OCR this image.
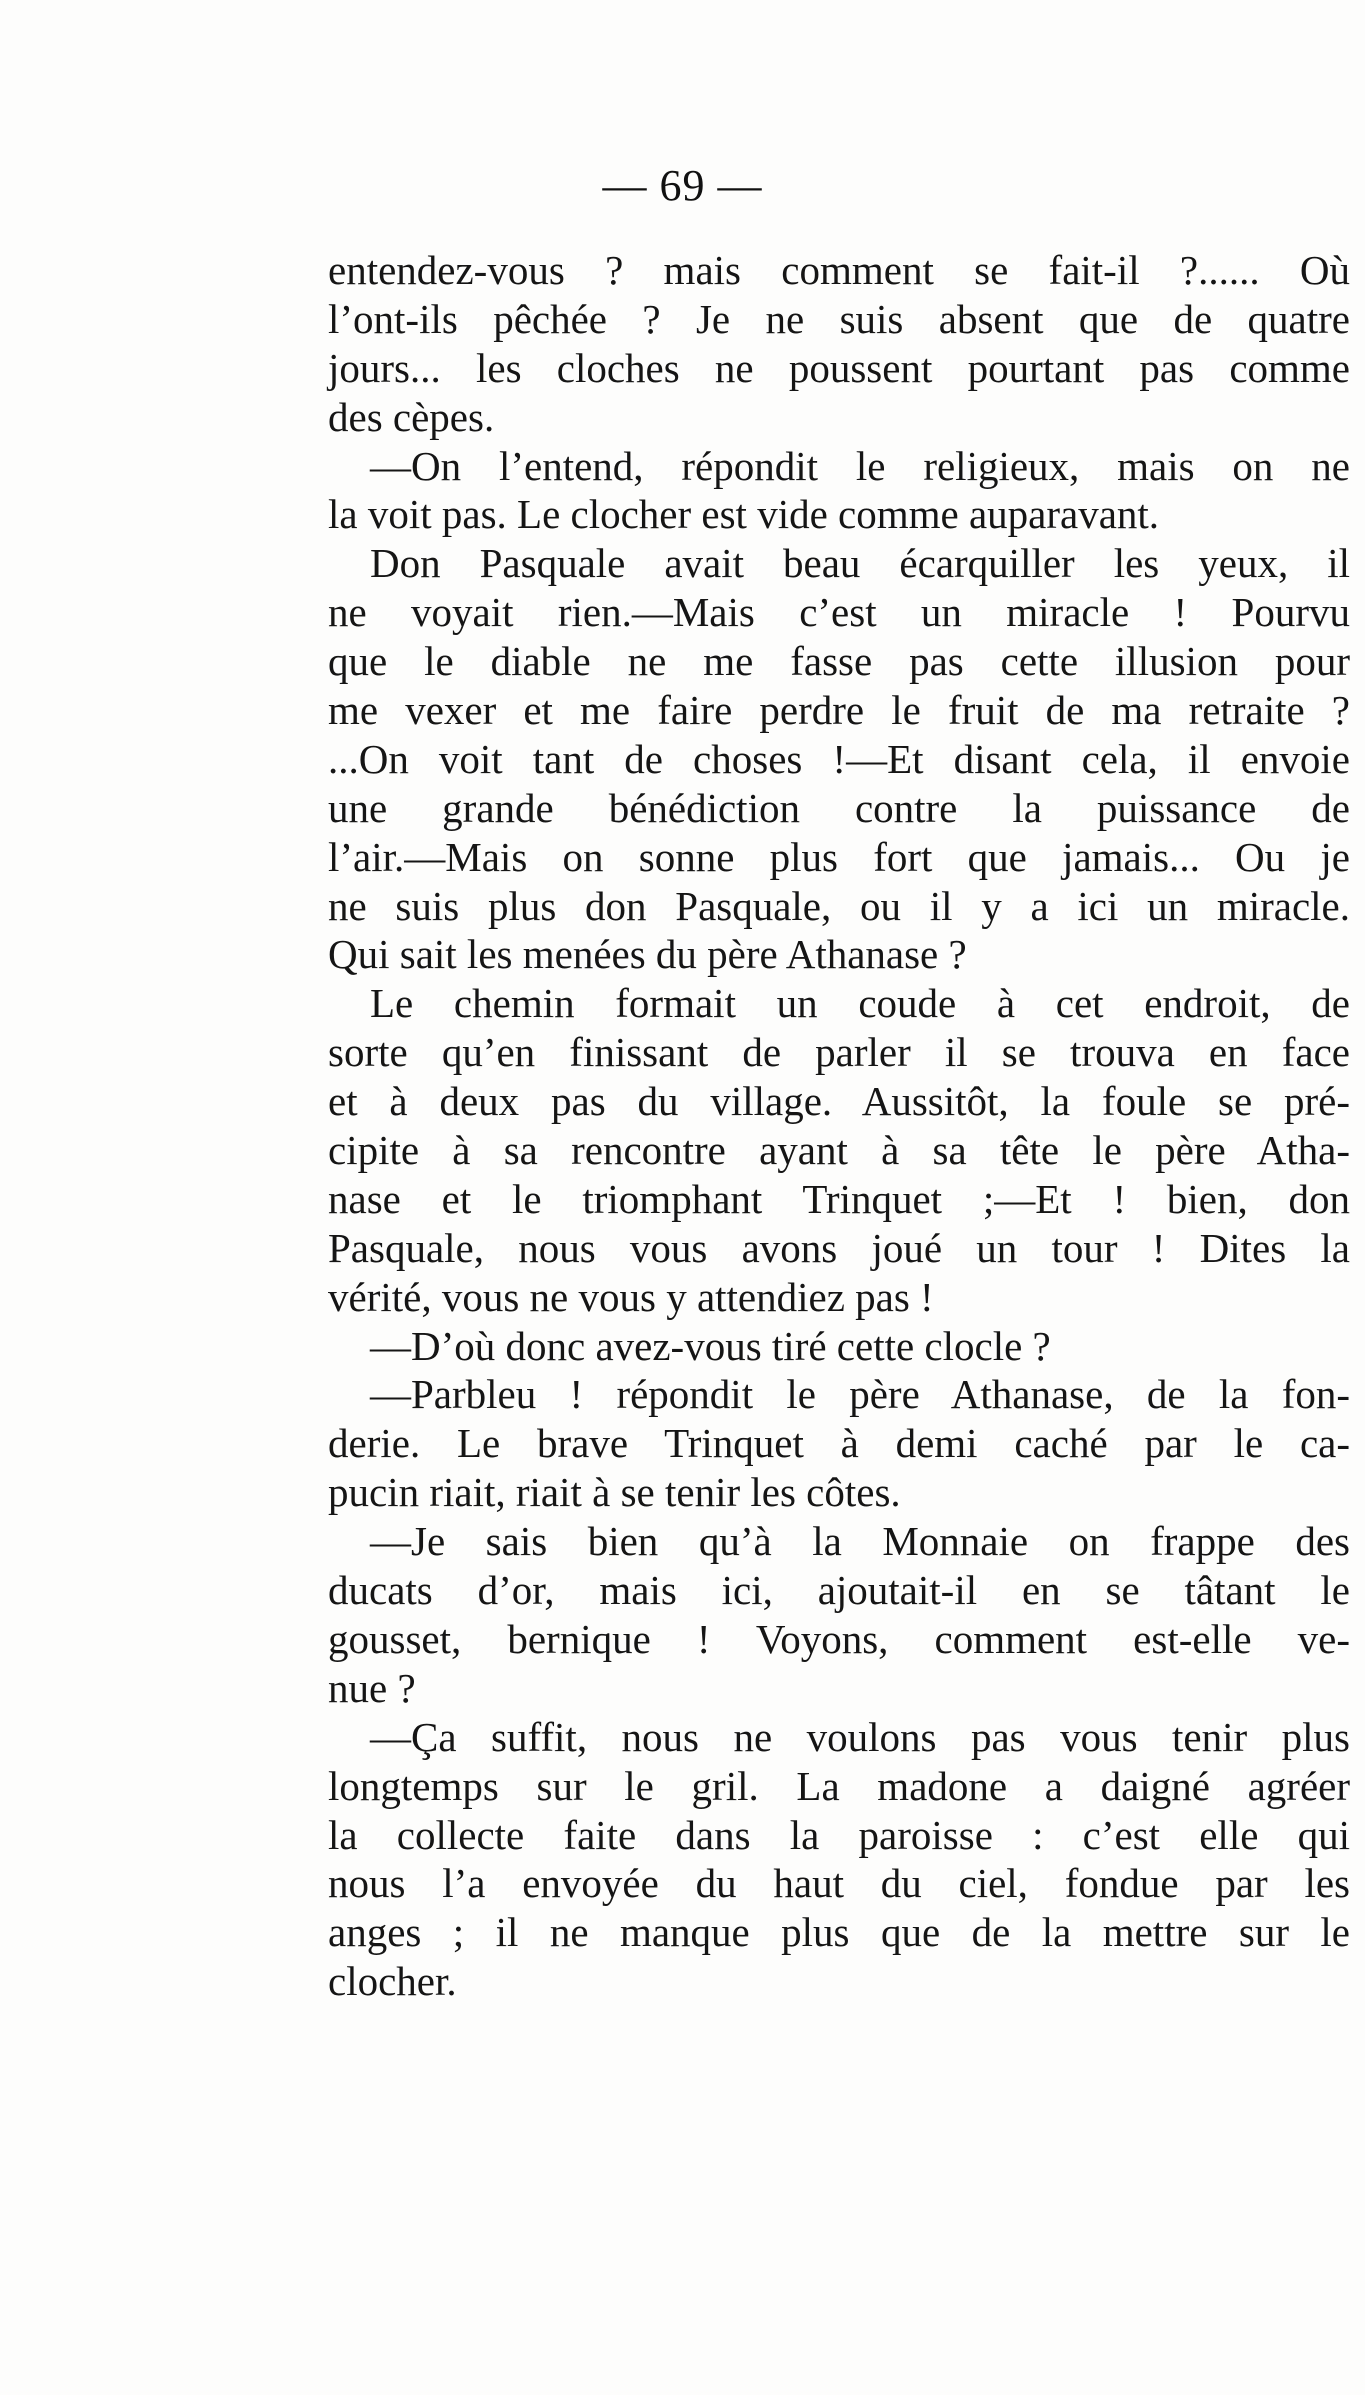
— 69 —
entendez-vous ? mais comment se fait-il ?...... Où
l’ont-ils pêchée ? Je ne suis absent que de quatre
jours... les cloches ne poussent pourtant pas comme
des cèpes.
—On l’entend, répondit le religieux, mais on ne
la voit pas. Le clocher est vide comme auparavant.
Don Pasquale avait beau écarquiller les yeux, il
ne voyait rien.—Mais c’est un miracle ! Pourvu
que le diable ne me fasse pas cette illusion pour
me vexer et me faire perdre le fruit de ma retraite ?
...On voit tant de choses !—Et disant cela, il envoie
une grande bénédiction contre la puissance de
l’air.—Mais on sonne plus fort que jamais... Ou je
ne suis plus don Pasquale, ou il y a ici un miracle.
Qui sait les menées du père Athanase ?
Le chemin formait un coude à cet endroit, de
sorte qu’en finissant de parler il se trouva en face
et à deux pas du village. Aussitôt, la foule se pré-
cipite à sa rencontre ayant à sa tête le père Atha-
nase et le triomphant Trinquet ;—Et ! bien, don
Pasquale, nous vous avons joué un tour ! Dites la
vérité, vous ne vous y attendiez pas !
—D’où donc avez-vous tiré cette clocle ?
—Parbleu ! répondit le père Athanase, de la fon-
derie. Le brave Trinquet à demi caché par le ca-
pucin riait, riait à se tenir les côtes.
—Je sais bien qu’à la Monnaie on frappe des
ducats d’or, mais ici, ajoutait-il en se tâtant le
gousset, bernique ! Voyons, comment est-elle ve-
nue ?
—Ça suffit, nous ne voulons pas vous tenir plus
longtemps sur le gril. La madone a daigné agréer
la collecte faite dans la paroisse : c’est elle qui
nous l’a envoyée du haut du ciel, fondue par les
anges ; il ne manque plus que de la mettre sur le
clocher.
